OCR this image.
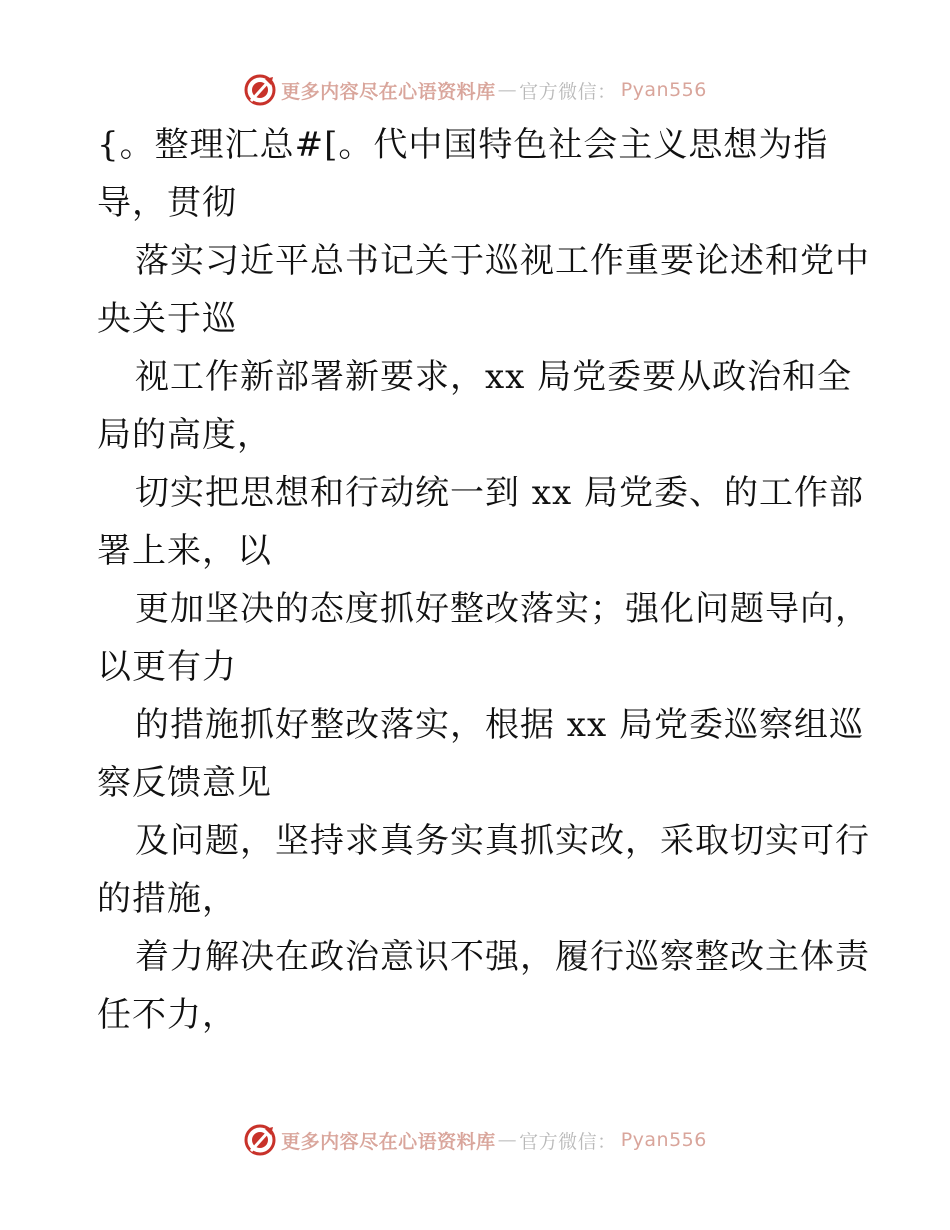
更多内容尽在心语资料库 — 官方微信： Pyan556
{。整理汇总#[。代中国特色社会主义思想为指
导，贯彻
落实习近平总书记关于巡视工作重要论述和党中
央关于巡
视工作新部署新要求，xx 局党委要从政治和全
局的高度，
切实把思想和行动统一到 xx 局党委、的工作部
署上来，以
更加坚决的态度抓好整改落实；强化问题导向，
以更有力
的措施抓好整改落实，根据 xx 局党委巡察组巡
察反馈意见
及问题，坚持求真务实真抓实改，采取切实可行
的措施，
着力解决在政治意识不强，履行巡察整改主体责
任不力，
更多内容尽在心语资料库 — 官方微信： Pyan556
